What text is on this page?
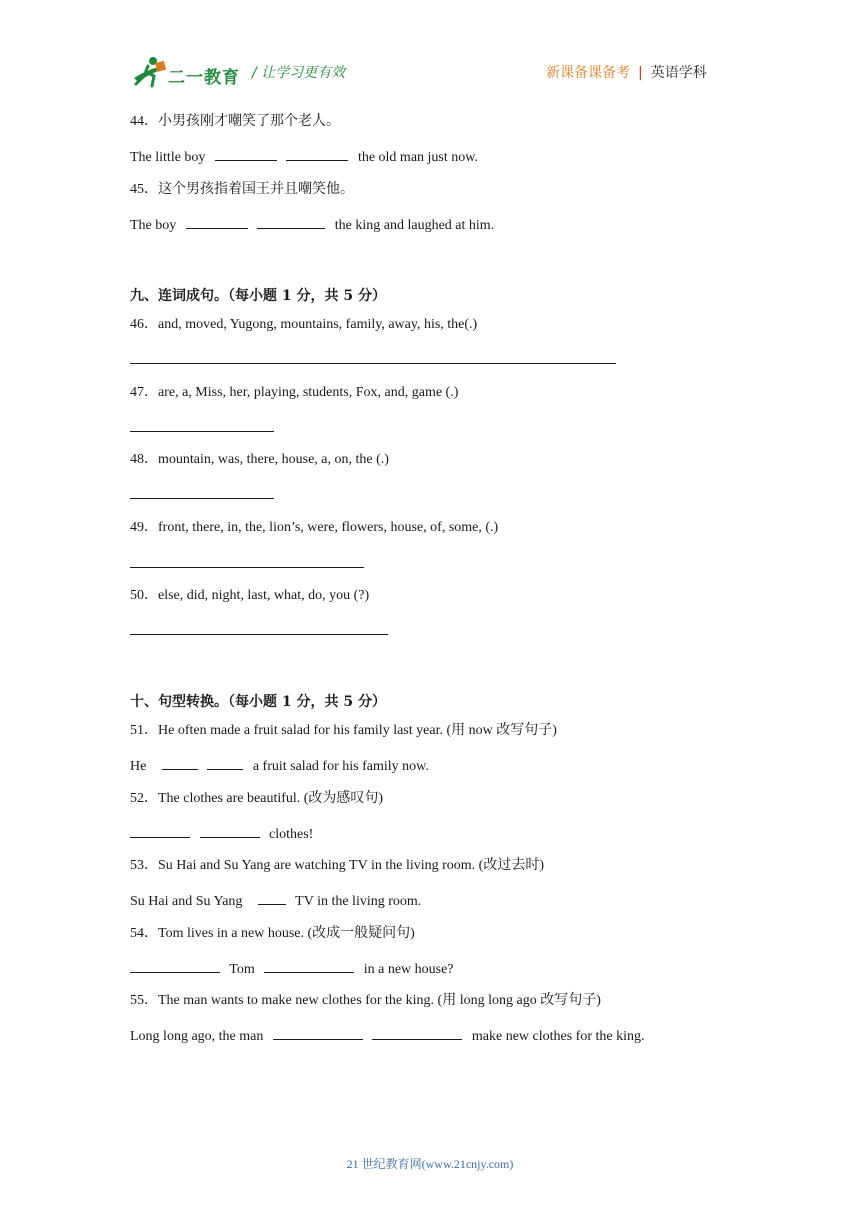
二一教育 / 让学习更有效	新课备课备考 | 英语学科
44．小男孩刚才嘲笑了那个老人。
The little boy	the old man just now.
45．这个男孩指着国王并且嘲笑他。
The boy	the king and laughed at him.
九、连词成句。（每小题 1 分，共 5 分）
46．and, moved, Yugong, mountains, family, away, his, the(.)
47．are, a, Miss, her, playing, students, Fox, and, game (.)
48．mountain, was, there, house, a, on, the (.)
49．front, there, in, the, lion’s, were, flowers, house, of, some, (.)
50．else, did, night, last, what, do, you (?)
十、句型转换。（每小题 1 分，共 5 分）
51．He often made a fruit salad for his family last year. (用 now 改写句子)
He	a fruit salad for his family now.
52．The clothes are beautiful. (改为感叹句)
clothes!
53．Su Hai and Su Yang are watching TV in the living room. (改过去时)
Su Hai and Su Yang	TV in the living room.
54．Tom lives in a new house. (改成一般疑问句)
Tom	in a new house?
55．The man wants to make new clothes for the king. (用 long long ago 改写句子)
Long long ago, the man	make new clothes for the king.
21 世纪教育网(www.21cnjy.com)
